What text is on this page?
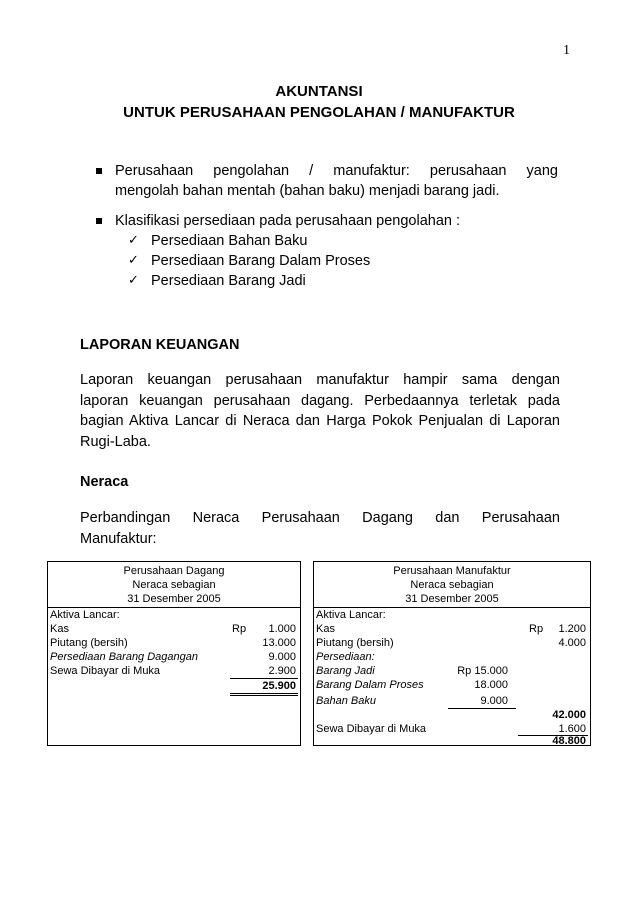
1
AKUNTANSI
UNTUK PERUSAHAAN PENGOLAHAN / MANUFAKTUR
Perusahaan pengolahan / manufaktur: perusahaan yang
mengolah bahan mentah (bahan baku) menjadi barang jadi.
Klasifikasi persediaan pada perusahaan pengolahan :
✓ Persediaan Bahan Baku
✓ Persediaan Barang Dalam Proses
✓ Persediaan Barang Jadi
LAPORAN KEUANGAN
Laporan keuangan perusahaan manufaktur hampir sama dengan
laporan keuangan perusahaan dagang. Perbedaannya terletak pada
bagian Aktiva Lancar di Neraca dan Harga Pokok Penjualan di Laporan
Rugi-Laba.
Neraca
Perbandingan Neraca Perusahaan Dagang dan Perusahaan
Manufaktur:
Perusahaan Dagang
Neraca sebagian
31 Desember 2005
Aktiva Lancar:
Kas	Rp	1.000
Piutang (bersih)	13.000
Persediaan Barang Dagangan	9.000
Sewa Dibayar di Muka	2.900
25.900
Perusahaan Manufaktur
Neraca sebagian
31 Desember 2005
Aktiva Lancar:
Kas	Rp	1.200
Piutang (bersih)	4.000
Persediaan:
Barang Jadi	Rp 15.000
Barang Dalam Proses	18.000
Bahan Baku	9.000
42.000
Sewa Dibayar di Muka	1.600
48.800
